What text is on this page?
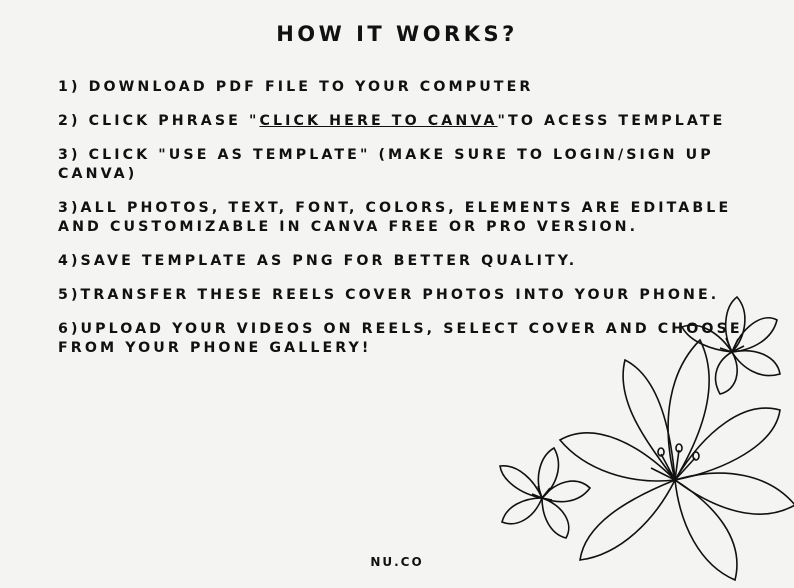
HOW IT WORKS?

1) DOWNLOAD PDF FILE TO YOUR COMPUTER

2) CLICK PHRASE "CLICK HERE TO CANVA"TO ACESS TEMPLATE

3) CLICK "USE AS TEMPLATE" (MAKE SURE TO LOGIN/SIGN UP CANVA)

3)ALL PHOTOS, TEXT, FONT, COLORS, ELEMENTS ARE EDITABLE AND CUSTOMIZABLE IN CANVA FREE OR PRO VERSION.

4)SAVE TEMPLATE AS PNG FOR BETTER QUALITY.

5)TRANSFER THESE REELS COVER PHOTOS INTO YOUR PHONE.

6)UPLOAD YOUR VIDEOS ON REELS, SELECT COVER AND CHOOSE FROM YOUR PHONE GALLERY!

NU.CO
